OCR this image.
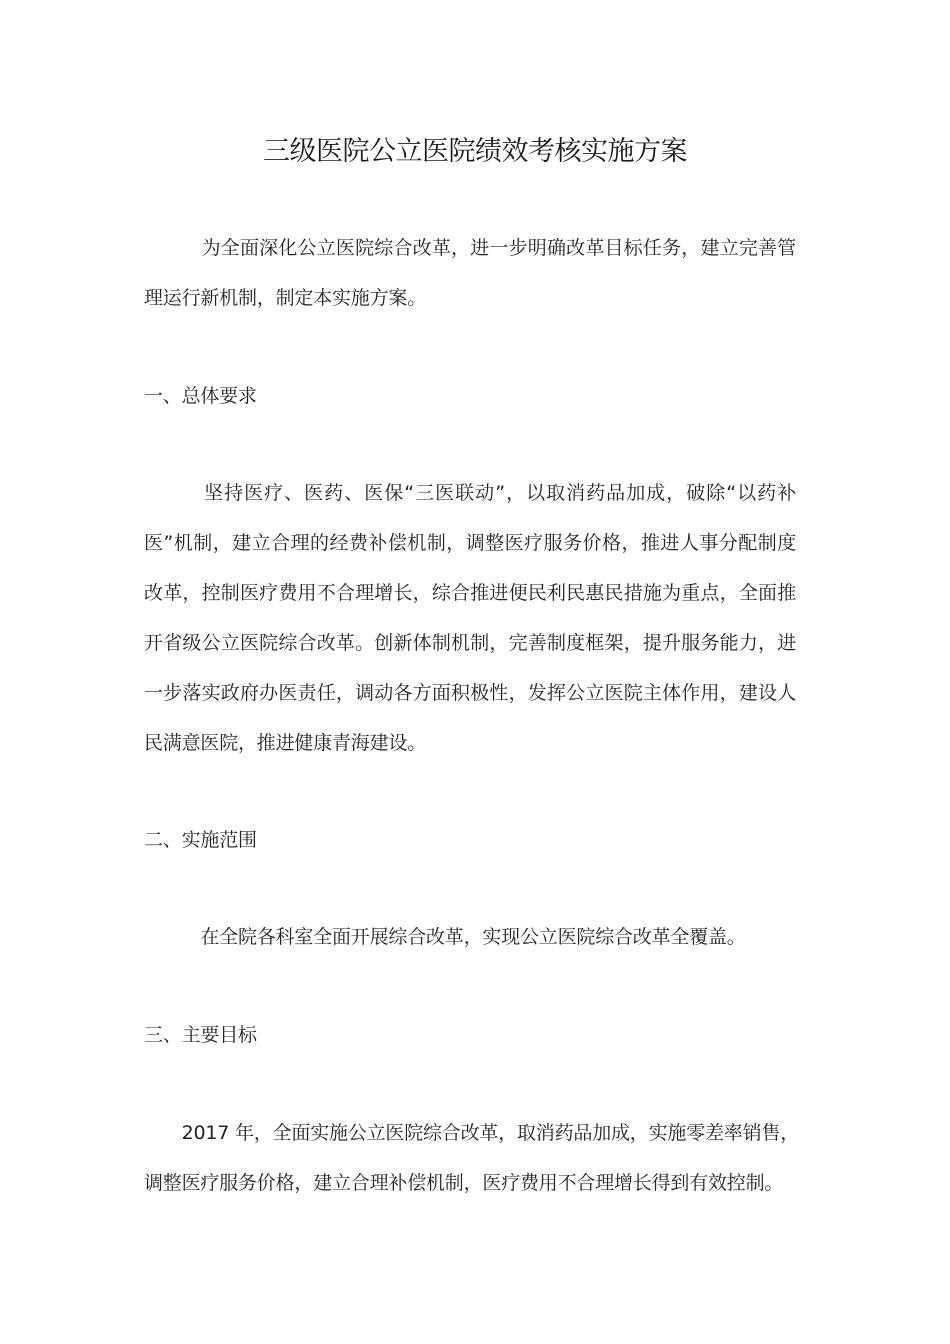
三级医院公立医院绩效考核实施方案
　　　为全面深化公立医院综合改革，进一步明确改革目标任务，建立完善管
理运行新机制，制定本实施方案。
一、总体要求
　　　坚持医疗、医药、医保“三医联动”，以取消药品加成，破除“以药补
医”机制，建立合理的经费补偿机制，调整医疗服务价格，推进人事分配制度
改革，控制医疗费用不合理增长，综合推进便民利民惠民措施为重点，全面推
开省级公立医院综合改革。创新体制机制，完善制度框架，提升服务能力，进
一步落实政府办医责任，调动各方面积极性，发挥公立医院主体作用，建设人
民满意医院，推进健康青海建设。
二、实施范围
　　　在全院各科室全面开展综合改革，实现公立医院综合改革全覆盖。
三、主要目标
　　2017 年，全面实施公立医院综合改革，取消药品加成，实施零差率销售，
调整医疗服务价格，建立合理补偿机制，医疗费用不合理增长得到有效控制。
